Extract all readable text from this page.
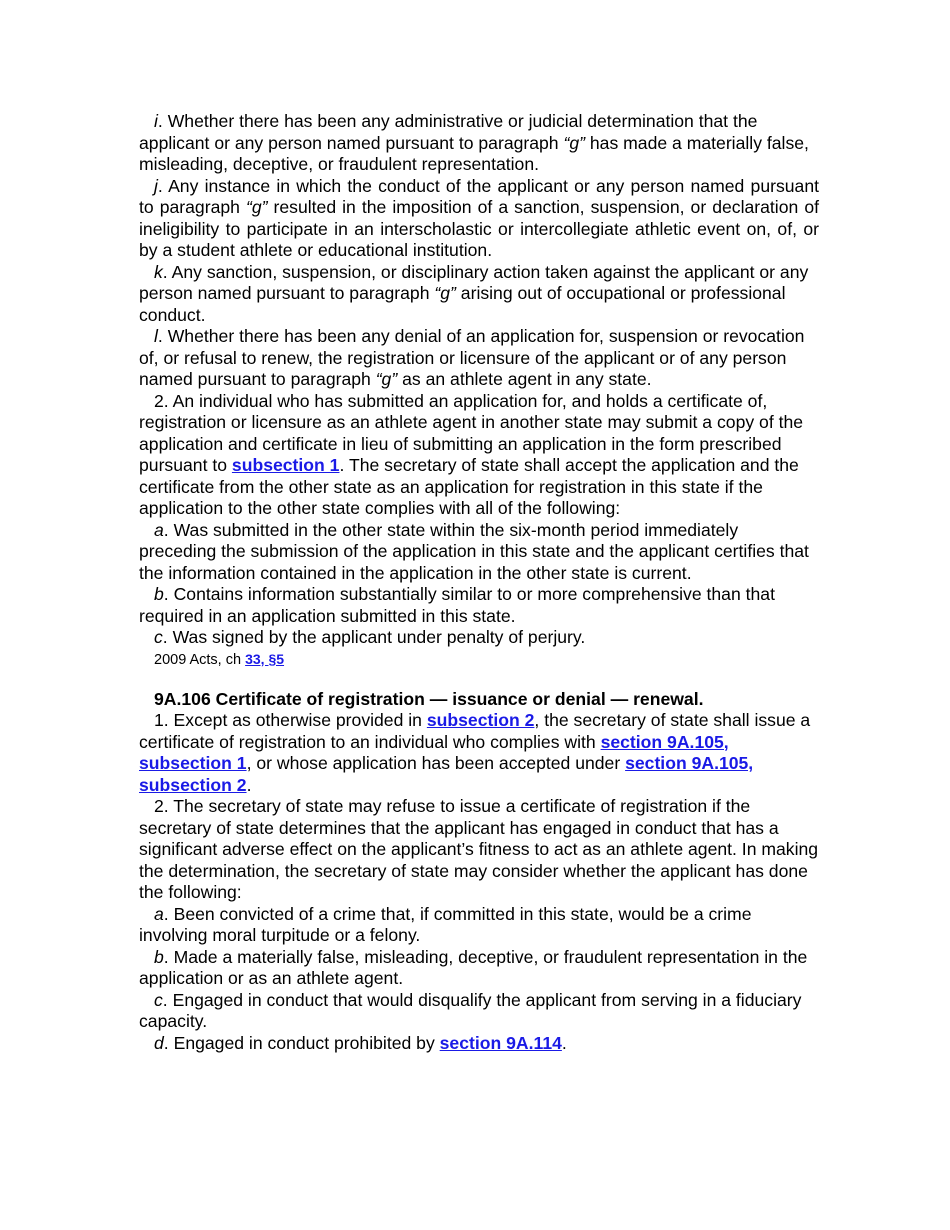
i. Whether there has been any administrative or judicial determination that the applicant or any person named pursuant to paragraph “g” has made a materially false, misleading, deceptive, or fraudulent representation.

j. Any instance in which the conduct of the applicant or any person named pursuant to paragraph “g” resulted in the imposition of a sanction, suspension, or declaration of ineligibility to participate in an interscholastic or intercollegiate athletic event on, of, or by a student athlete or educational institution.

k. Any sanction, suspension, or disciplinary action taken against the applicant or any person named pursuant to paragraph “g” arising out of occupational or professional conduct.

l. Whether there has been any denial of an application for, suspension or revocation of, or refusal to renew, the registration or licensure of the applicant or of any person named pursuant to paragraph “g” as an athlete agent in any state.

2. An individual who has submitted an application for, and holds a certificate of, registration or licensure as an athlete agent in another state may submit a copy of the application and certificate in lieu of submitting an application in the form prescribed pursuant to subsection 1. The secretary of state shall accept the application and the certificate from the other state as an application for registration in this state if the application to the other state complies with all of the following:

a. Was submitted in the other state within the six-month period immediately preceding the submission of the application in this state and the applicant certifies that the information contained in the application in the other state is current.

b. Contains information substantially similar to or more comprehensive than that required in an application submitted in this state.

c. Was signed by the applicant under penalty of perjury.

2009 Acts, ch 33, §5

9A.106 Certificate of registration — issuance or denial — renewal.

1. Except as otherwise provided in subsection 2, the secretary of state shall issue a certificate of registration to an individual who complies with section 9A.105, subsection 1, or whose application has been accepted under section 9A.105, subsection 2.

2. The secretary of state may refuse to issue a certificate of registration if the secretary of state determines that the applicant has engaged in conduct that has a significant adverse effect on the applicant’s fitness to act as an athlete agent. In making the determination, the secretary of state may consider whether the applicant has done the following:

a. Been convicted of a crime that, if committed in this state, would be a crime involving moral turpitude or a felony.

b. Made a materially false, misleading, deceptive, or fraudulent representation in the application or as an athlete agent.

c. Engaged in conduct that would disqualify the applicant from serving in a fiduciary capacity.

d. Engaged in conduct prohibited by section 9A.114.
